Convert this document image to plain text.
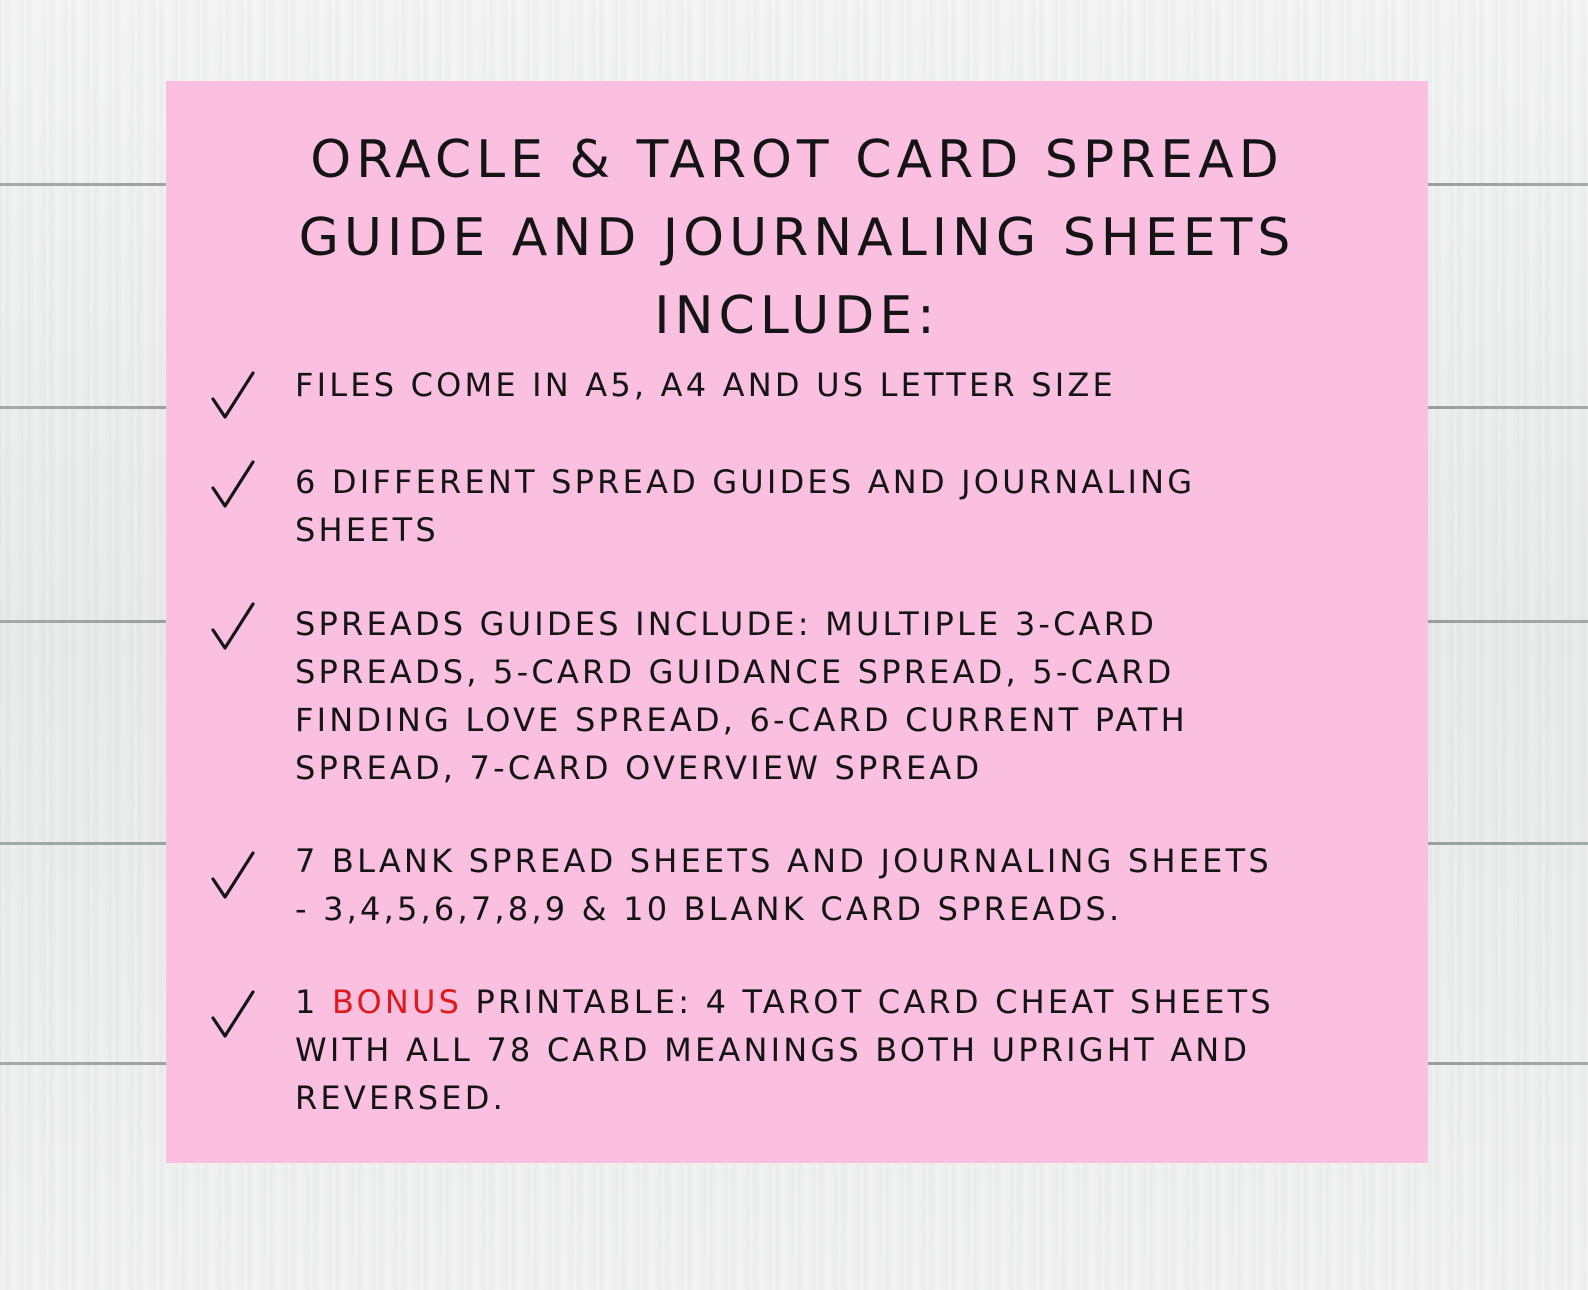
ORACLE & TAROT CARD SPREAD
GUIDE AND JOURNALING SHEETS
INCLUDE:
FILES COME IN A5, A4 AND US LETTER SIZE
6 DIFFERENT SPREAD GUIDES AND JOURNALING
SHEETS
SPREADS GUIDES INCLUDE: MULTIPLE 3-CARD
SPREADS, 5-CARD GUIDANCE SPREAD, 5-CARD
FINDING LOVE SPREAD, 6-CARD CURRENT PATH
SPREAD, 7-CARD OVERVIEW SPREAD
7 BLANK SPREAD SHEETS AND JOURNALING SHEETS
- 3,4,5,6,7,8,9 & 10 BLANK CARD SPREADS.
1 BONUS PRINTABLE: 4 TAROT CARD CHEAT SHEETS
WITH ALL 78 CARD MEANINGS BOTH UPRIGHT AND
REVERSED.
